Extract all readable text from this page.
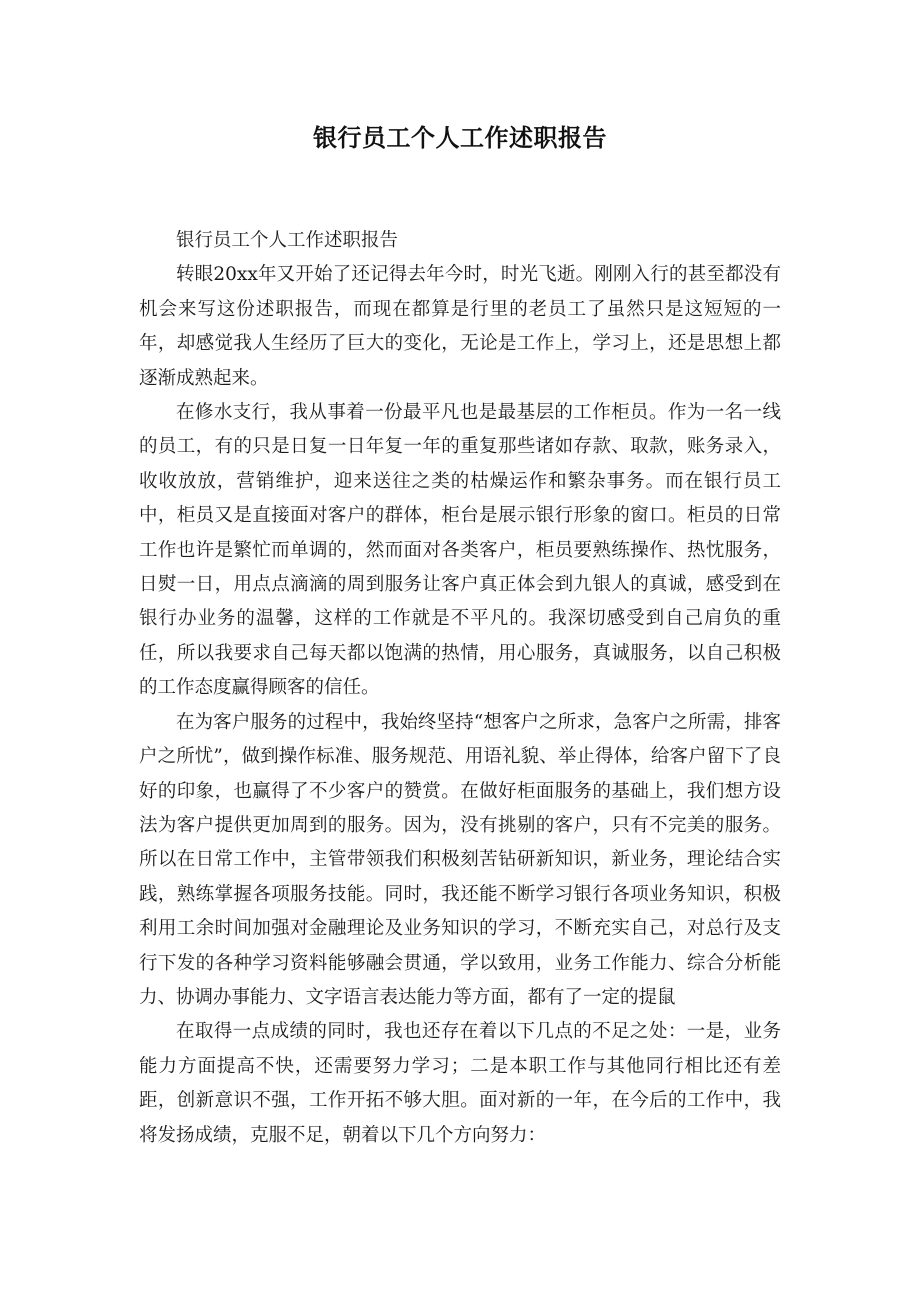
银行员工个人工作述职报告

银行员工个人工作述职报告

转眼20xx年又开始了还记得去年今时，时光飞逝。刚刚入行的甚至都没有机会来写这份述职报告，而现在都算是行里的老员工了虽然只是这短短的一年，却感觉我人生经历了巨大的变化，无论是工作上，学习上，还是思想上都逐渐成熟起来。

在修水支行，我从事着一份最平凡也是最基层的工作柜员。作为一名一线的员工，有的只是日复一日年复一年的重复那些诸如存款、取款，账务录入，收收放放，营销维护，迎来送往之类的枯燥运作和繁杂事务。而在银行员工中，柜员又是直接面对客户的群体，柜台是展示银行形象的窗口。柜员的日常工作也许是繁忙而单调的，然而面对各类客户，柜员要熟练操作、热忱服务，日熨一日，用点点滴滴的周到服务让客户真正体会到九银人的真诚，感受到在银行办业务的温馨，这样的工作就是不平凡的。我深切感受到自己肩负的重任，所以我要求自己每天都以饱满的热情，用心服务，真诚服务，以自己积极的工作态度赢得顾客的信任。

在为客户服务的过程中，我始终坚持“想客户之所求，急客户之所需，排客户之所忧”，做到操作标准、服务规范、用语礼貌、举止得体，给客户留下了良好的印象，也赢得了不少客户的赞赏。在做好柜面服务的基础上，我们想方设法为客户提供更加周到的服务。因为，没有挑剔的客户，只有不完美的服务。所以在日常工作中，主管带领我们积极刻苦钻研新知识，新业务，理论结合实践，熟练掌握各项服务技能。同时，我还能不断学习银行各项业务知识，积极利用工余时间加强对金融理论及业务知识的学习，不断充实自己，对总行及支行下发的各种学习资料能够融会贯通，学以致用，业务工作能力、综合分析能力、协调办事能力、文字语言表达能力等方面，都有了一定的提鼠

在取得一点成绩的同时，我也还存在着以下几点的不足之处：一是，业务能力方面提高不快，还需要努力学习；二是本职工作与其他同行相比还有差距，创新意识不强，工作开拓不够大胆。面对新的一年，在今后的工作中，我将发扬成绩，克服不足，朝着以下几个方向努力：
